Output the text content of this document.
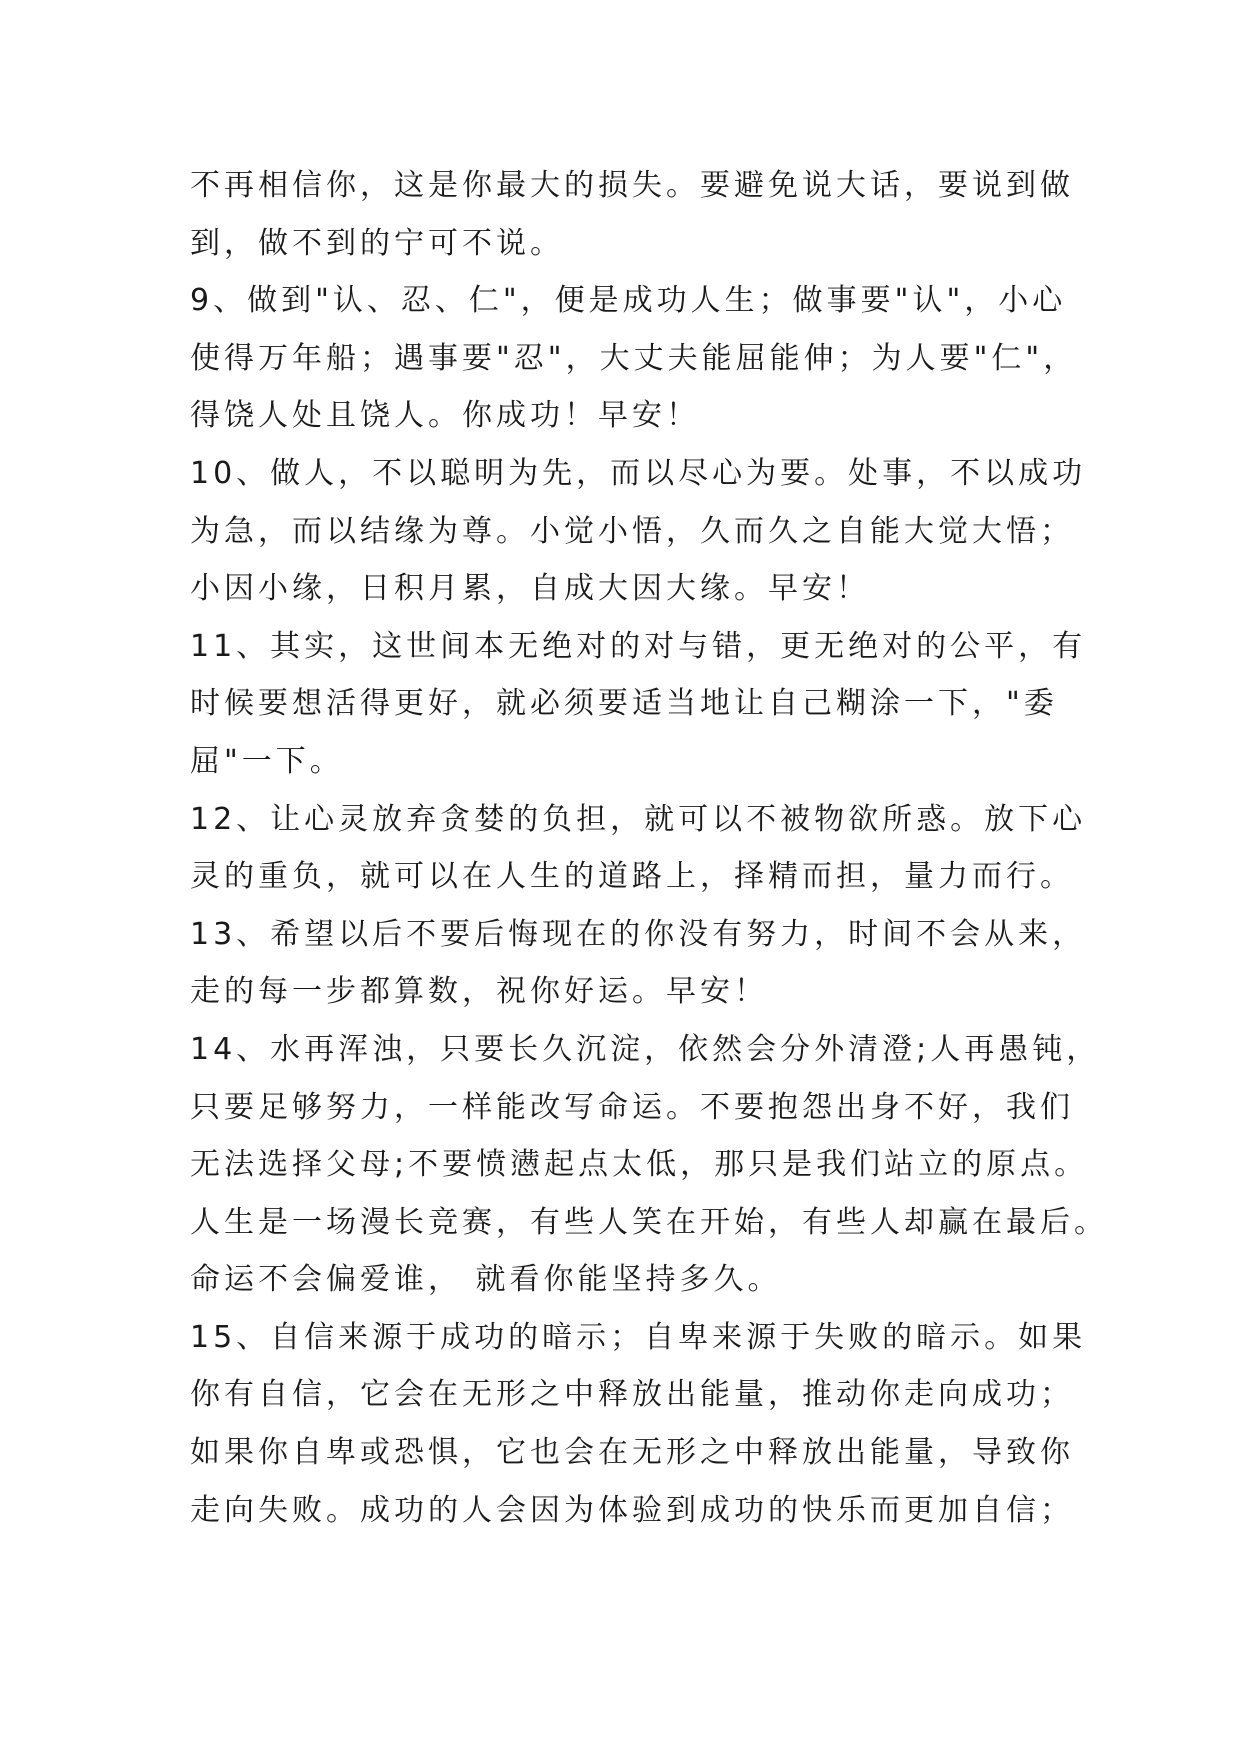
不再相信你，这是你最大的损失。要避免说大话，要说到做
到，做不到的宁可不说。
9、做到"认、忍、仁"，便是成功人生；做事要"认"，小心
使得万年船；遇事要"忍"，大丈夫能屈能伸；为人要"仁"，
得饶人处且饶人。你成功！早安！
10、做人，不以聪明为先，而以尽心为要。处事，不以成功
为急，而以结缘为尊。小觉小悟，久而久之自能大觉大悟；
小因小缘，日积月累，自成大因大缘。早安！
11、其实，这世间本无绝对的对与错，更无绝对的公平，有
时候要想活得更好，就必须要适当地让自己糊涂一下，"委
屈"一下。
12、让心灵放弃贪婪的负担，就可以不被物欲所惑。放下心
灵的重负，就可以在人生的道路上，择精而担，量力而行。
13、希望以后不要后悔现在的你没有努力，时间不会从来，
走的每一步都算数，祝你好运。早安！
14、水再浑浊，只要长久沉淀，依然会分外清澄;人再愚钝，
只要足够努力，一样能改写命运。不要抱怨出身不好，我们
无法选择父母;不要愤懑起点太低，那只是我们站立的原点。
人生是一场漫长竞赛，有些人笑在开始，有些人却赢在最后。
命运不会偏爱谁， 就看你能坚持多久。
15、自信来源于成功的暗示；自卑来源于失败的暗示。如果
你有自信，它会在无形之中释放出能量，推动你走向成功；
如果你自卑或恐惧，它也会在无形之中释放出能量，导致你
走向失败。成功的人会因为体验到成功的快乐而更加自信；
